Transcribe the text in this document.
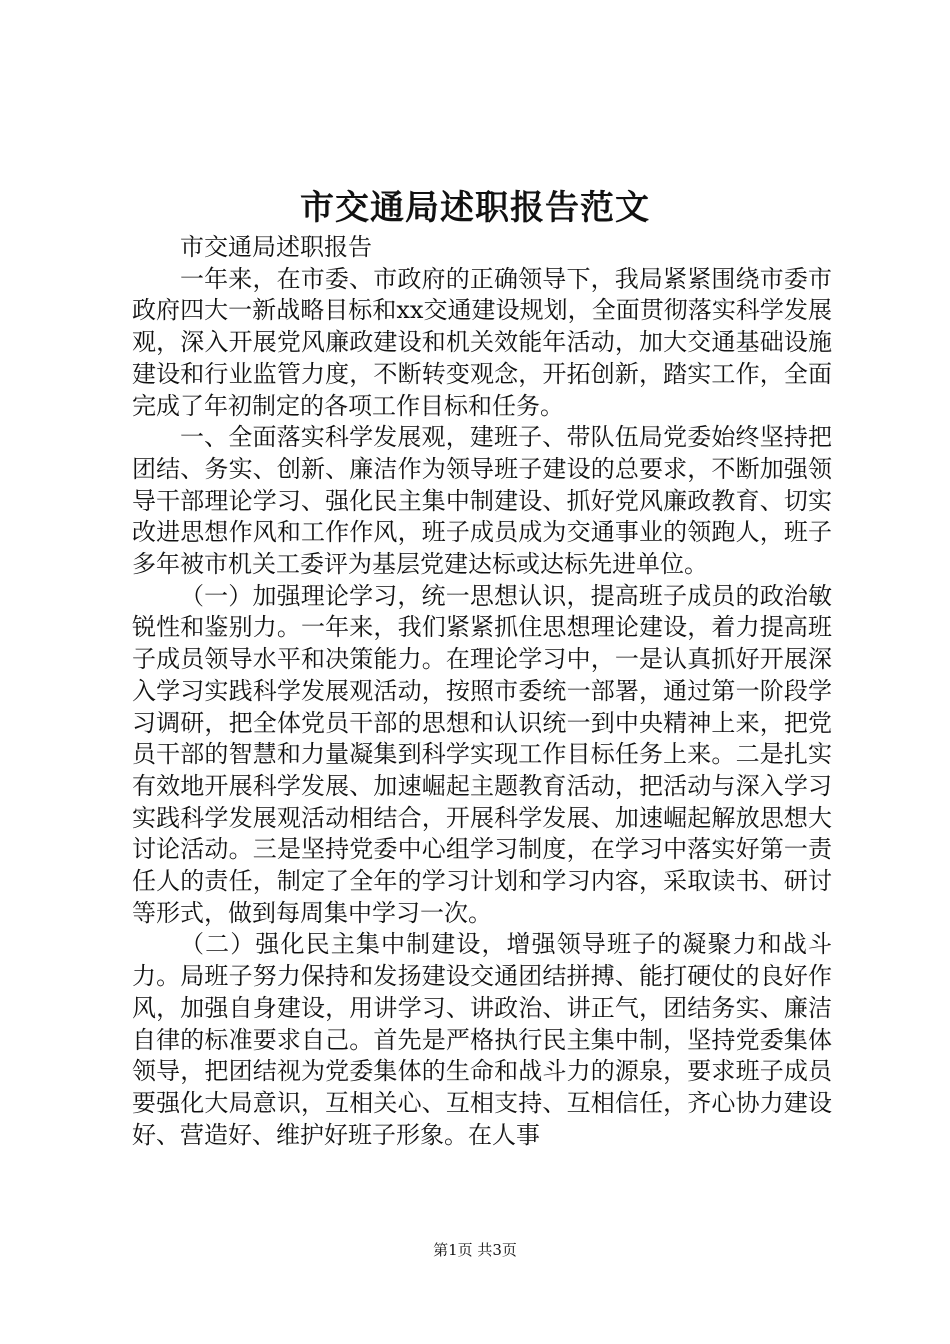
市交通局述职报告范文

市交通局述职报告

一年来，在市委、市政府的正确领导下，我局紧紧围绕市委市政府四大一新战略目标和xx交通建设规划，全面贯彻落实科学发展观，深入开展党风廉政建设和机关效能年活动，加大交通基础设施建设和行业监管力度，不断转变观念，开拓创新，踏实工作，全面完成了年初制定的各项工作目标和任务。

一、全面落实科学发展观，建班子、带队伍局党委始终坚持把团结、务实、创新、廉洁作为领导班子建设的总要求，不断加强领导干部理论学习、强化民主集中制建设、抓好党风廉政教育、切实改进思想作风和工作作风，班子成员成为交通事业的领跑人，班子多年被市机关工委评为基层党建达标或达标先进单位。

（一）加强理论学习，统一思想认识，提高班子成员的政治敏锐性和鉴别力。一年来，我们紧紧抓住思想理论建设，着力提高班子成员领导水平和决策能力。在理论学习中，一是认真抓好开展深入学习实践科学发展观活动，按照市委统一部署，通过第一阶段学习调研，把全体党员干部的思想和认识统一到中央精神上来，把党员干部的智慧和力量凝集到科学实现工作目标任务上来。二是扎实有效地开展科学发展、加速崛起主题教育活动，把活动与深入学习实践科学发展观活动相结合，开展科学发展、加速崛起解放思想大讨论活动。三是坚持党委中心组学习制度，在学习中落实好第一责任人的责任，制定了全年的学习计划和学习内容，采取读书、研讨等形式，做到每周集中学习一次。

（二）强化民主集中制建设，增强领导班子的凝聚力和战斗力。局班子努力保持和发扬建设交通团结拼搏、能打硬仗的良好作风，加强自身建设，用讲学习、讲政治、讲正气，团结务实、廉洁自律的标准要求自己。首先是严格执行民主集中制，坚持党委集体领导，把团结视为党委集体的生命和战斗力的源泉，要求班子成员要强化大局意识，互相关心、互相支持、互相信任，齐心协力建设好、营造好、维护好班子形象。在人事

第1页 共3页
